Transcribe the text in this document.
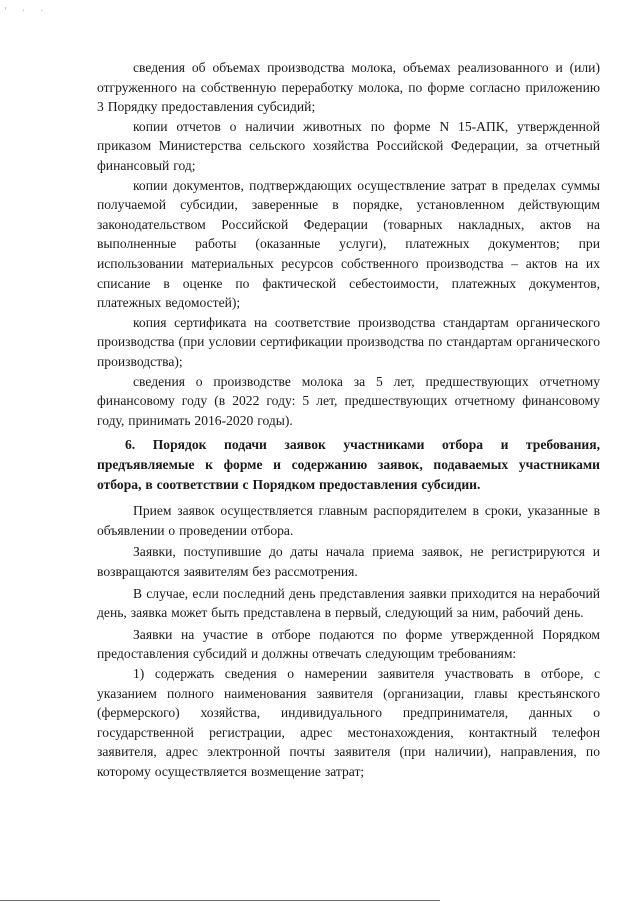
' · ·

сведения об объемах производства молока, объемах реализованного и (или) отгруженного на собственную переработку молока, по форме согласно приложению 3 Порядку предоставления субсидий;

копии отчетов о наличии животных по форме N 15-АПК, утвержденной приказом Министерства сельского хозяйства Российской Федерации, за отчетный финансовый год;

копии документов, подтверждающих осуществление затрат в пределах суммы получаемой субсидии, заверенные в порядке, установленном действующим законодательством Российской Федерации (товарных накладных, актов на выполненные работы (оказанные услуги), платежных документов; при использовании материальных ресурсов собственного производства – актов на их списание в оценке по фактической себестоимости, платежных документов, платежных ведомостей);

копия сертификата на соответствие производства стандартам органического производства (при условии сертификации производства по стандартам органического производства);

сведения о производстве молока за 5 лет, предшествующих отчетному финансовому году (в 2022 году: 5 лет, предшествующих отчетному финансовому году, принимать 2016-2020 годы).

6. Порядок подачи заявок участниками отбора и требования, предъявляемые к форме и содержанию заявок, подаваемых участниками отбора, в соответствии с Порядком предоставления субсидии.

Прием заявок осуществляется главным распорядителем в сроки, указанные в объявлении о проведении отбора.

Заявки, поступившие до даты начала приема заявок, не регистрируются и возвращаются заявителям без рассмотрения.

В случае, если последний день представления заявки приходится на нерабочий день, заявка может быть представлена в первый, следующий за ним, рабочий день.

Заявки на участие в отборе подаются по форме утвержденной Порядком предоставления субсидий и должны отвечать следующим требованиям:

1) содержать сведения о намерении заявителя участвовать в отборе, с указанием полного наименования заявителя (организации, главы крестьянского (фермерского) хозяйства, индивидуального предпринимателя, данных о государственной регистрации, адрес местонахождения, контактный телефон заявителя, адрес электронной почты заявителя (при наличии), направления, по которому осуществляется возмещение затрат;
